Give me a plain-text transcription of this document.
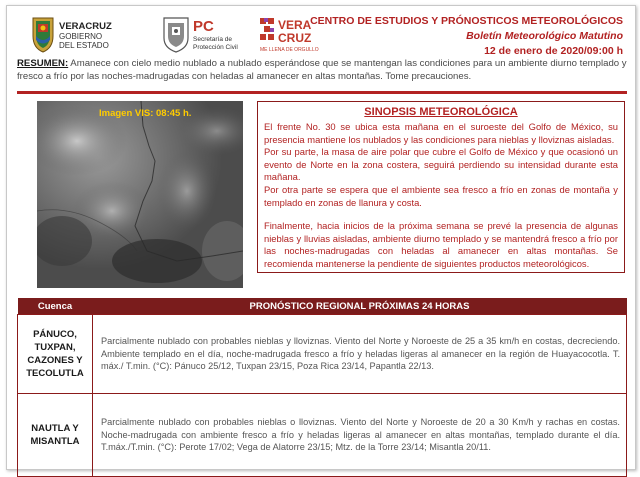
VERACRUZ
GOBIERNO
DEL ESTADO
PC
Secretaría de
Protección Civil
VERA
CRUZ
ME LLENA DE ORGULLO
CENTRO DE ESTUDIOS Y PRÓNOSTICOS METEOROLÓGICOS
Boletín Meteorológico Matutino
12 de enero de 2020/09:00 h
RESUMEN: Amanece con cielo medio nublado a nublado esperándose que se mantengan las condiciones para un ambiente diurno templado y fresco a frío por las noches-madrugadas con heladas al amanecer en altas montañas. Tome precauciones.
Imagen VIS: 08:45 h.	SINOPSIS METEOROLÓGICA

El frente No. 30 se ubica esta mañana en el suroeste del Golfo de México, su presencia mantiene los nublados y las condiciones para nieblas y lloviznas aisladas.

Por su parte, la masa de aire polar que cubre el Golfo de México y que ocasionó un evento de Norte en la zona costera, seguirá perdiendo su intensidad durante esta mañana.

Por otra parte se espera que el ambiente sea fresco a frío en zonas de montaña y templado en zonas de llanura y costa.

Finalmente, hacia inicios de la próxima semana se prevé la presencia de algunas nieblas y lluvias aisladas, ambiente diurno templado y se mantendrá fresco a frío por las noches-madrugadas con heladas al amanecer en altas montañas. Se recomienda mantenerse la pendiente de siguientes productos meteorológicos.

Cuenca	PRONÓSTICO REGIONAL PRÓXIMAS 24 HORAS
PÁNUCO, TUXPAN, CAZONES Y TECOLUTLA	Parcialmente nublado con probables nieblas y lloviznas. Viento del Norte y Noroeste de 25 a 35 km/h en costas, decreciendo. Ambiente templado en el día, noche-madrugada fresco a frío y heladas ligeras al amanecer en la región de Huayacocotla. T. máx./ T.min. (°C): Pánuco 25/12, Tuxpan 23/15, Poza Rica 23/14, Papantla 22/13.
NAUTLA Y MISANTLA	Parcialmente nublado con probables nieblas o lloviznas. Viento del Norte y Noroeste de 20 a 30 Km/h y rachas en costas. Noche-madrugada con ambiente fresco a frío y heladas ligeras al amanecer en altas montañas, templado durante el día. T.máx./T.min. (°C): Perote 17/02; Vega de Alatorre 23/15; Mtz. de la Torre 23/14; Misantla 20/11.
